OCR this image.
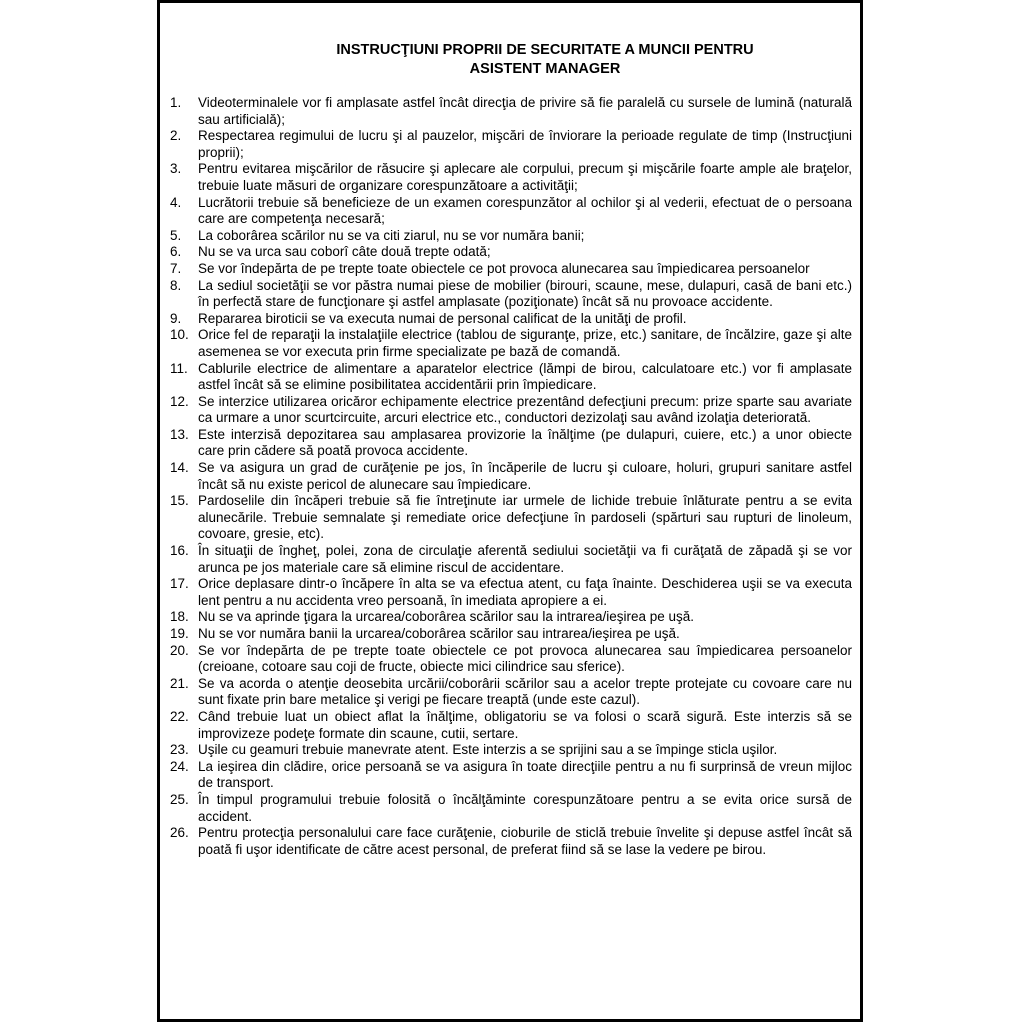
INSTRUCŢIUNI PROPRII DE SECURITATE A MUNCII PENTRU
ASISTENT MANAGER
1.	Videoterminalele vor fi amplasate astfel încât direcţia de privire să fie paralelă cu sursele de lumină (naturală sau artificială);
2.	Respectarea regimului de lucru şi al pauzelor, mişcări de înviorare la perioade regulate de timp (Instrucţiuni proprii);
3.	Pentru evitarea mişcărilor de răsucire şi aplecare ale corpului, precum şi mişcările foarte ample ale braţelor, trebuie luate măsuri de organizare corespunzătoare a activităţii;
4.	Lucrătorii trebuie să beneficieze de un examen corespunzător al ochilor şi al vederii, efectuat de o persoana care are competenţa necesară;
5.	La coborârea scărilor nu se va citi ziarul, nu se vor număra banii;
6.	Nu se va urca sau coborî câte două trepte odată;
7.	Se vor îndepărta de pe trepte toate obiectele ce pot provoca alunecarea sau împiedicarea persoanelor
8.	La sediul societăţii se vor păstra numai piese de mobilier (birouri, scaune, mese, dulapuri, casă de bani etc.) în perfectă stare de funcţionare şi astfel amplasate (poziţionate) încât să nu provoace accidente.
9.	Repararea biroticii se va executa numai de personal calificat de la unităţi de profil.
10. Orice fel de reparaţii la instalaţiile electrice (tablou de siguranţe, prize, etc.) sanitare, de încălzire, gaze şi alte asemenea se vor executa prin firme specializate pe bază de comandă.
11. Cablurile electrice de alimentare a aparatelor electrice (lămpi de birou, calculatoare etc.) vor fi amplasate astfel încât să se elimine posibilitatea accidentării prin împiedicare.
12. Se interzice utilizarea oricăror echipamente electrice prezentând defecţiuni precum: prize sparte sau avariate ca urmare a unor scurtcircuite, arcuri electrice etc., conductori dezizolaţi sau având izolaţia deteriorată.
13. Este interzisă depozitarea sau amplasarea provizorie la înălţime (pe dulapuri, cuiere, etc.) a unor obiecte care prin cădere să poată provoca accidente.
14. Se va asigura un grad de curăţenie pe jos, în încăperile de lucru şi culoare, holuri, grupuri sanitare astfel încât să nu existe pericol de alunecare sau împiedicare.
15. Pardoselile din încăperi trebuie să fie întreţinute iar urmele de lichide trebuie înlăturate pentru a se evita alunecările. Trebuie semnalate şi remediate orice defecţiune în pardoseli (spărturi sau rupturi de linoleum, covoare, gresie, etc).
16. În situaţii de îngheţ, polei, zona de circulaţie aferentă sediului societăţii va fi curăţată de zăpadă şi se vor arunca pe jos materiale care să elimine riscul de accidentare.
17. Orice deplasare dintr-o încăpere în alta se va efectua atent, cu faţa înainte. Deschiderea uşii se va executa lent pentru a nu accidenta vreo persoană, în imediata apropiere a ei.
18. Nu se va aprinde ţigara la urcarea/coborârea scărilor sau la intrarea/ieşirea pe uşă.
19. Nu se vor număra banii la urcarea/coborârea scărilor sau intrarea/ieşirea pe uşă.
20. Se vor îndepărta de pe trepte toate obiectele ce pot provoca alunecarea sau împiedicarea persoanelor (creioane, cotoare sau coji de fructe, obiecte mici cilindrice sau sferice).
21. Se va acorda o atenţie deosebita urcării/coborârii scărilor sau a acelor trepte protejate cu covoare care nu sunt fixate prin bare metalice şi verigi pe fiecare treaptă (unde este cazul).
22. Când trebuie luat un obiect aflat la înălţime, obligatoriu se va folosi o scară sigură. Este interzis să se improvizeze podeţe formate din scaune, cutii, sertare.
23. Uşile cu geamuri trebuie manevrate atent. Este interzis a se sprijini sau a se împinge sticla uşilor.
24. La ieşirea din clădire, orice persoană se va asigura în toate direcţiile pentru a nu fi surprinsă de vreun mijloc de transport.
25. În timpul programului trebuie folosită o încălţăminte corespunzătoare pentru a se evita orice sursă de accident.
26. Pentru protecţia personalului care face curăţenie, cioburile de sticlă trebuie învelite şi depuse astfel încât să poată fi uşor identificate de către acest personal, de preferat fiind să se lase la vedere pe birou.
